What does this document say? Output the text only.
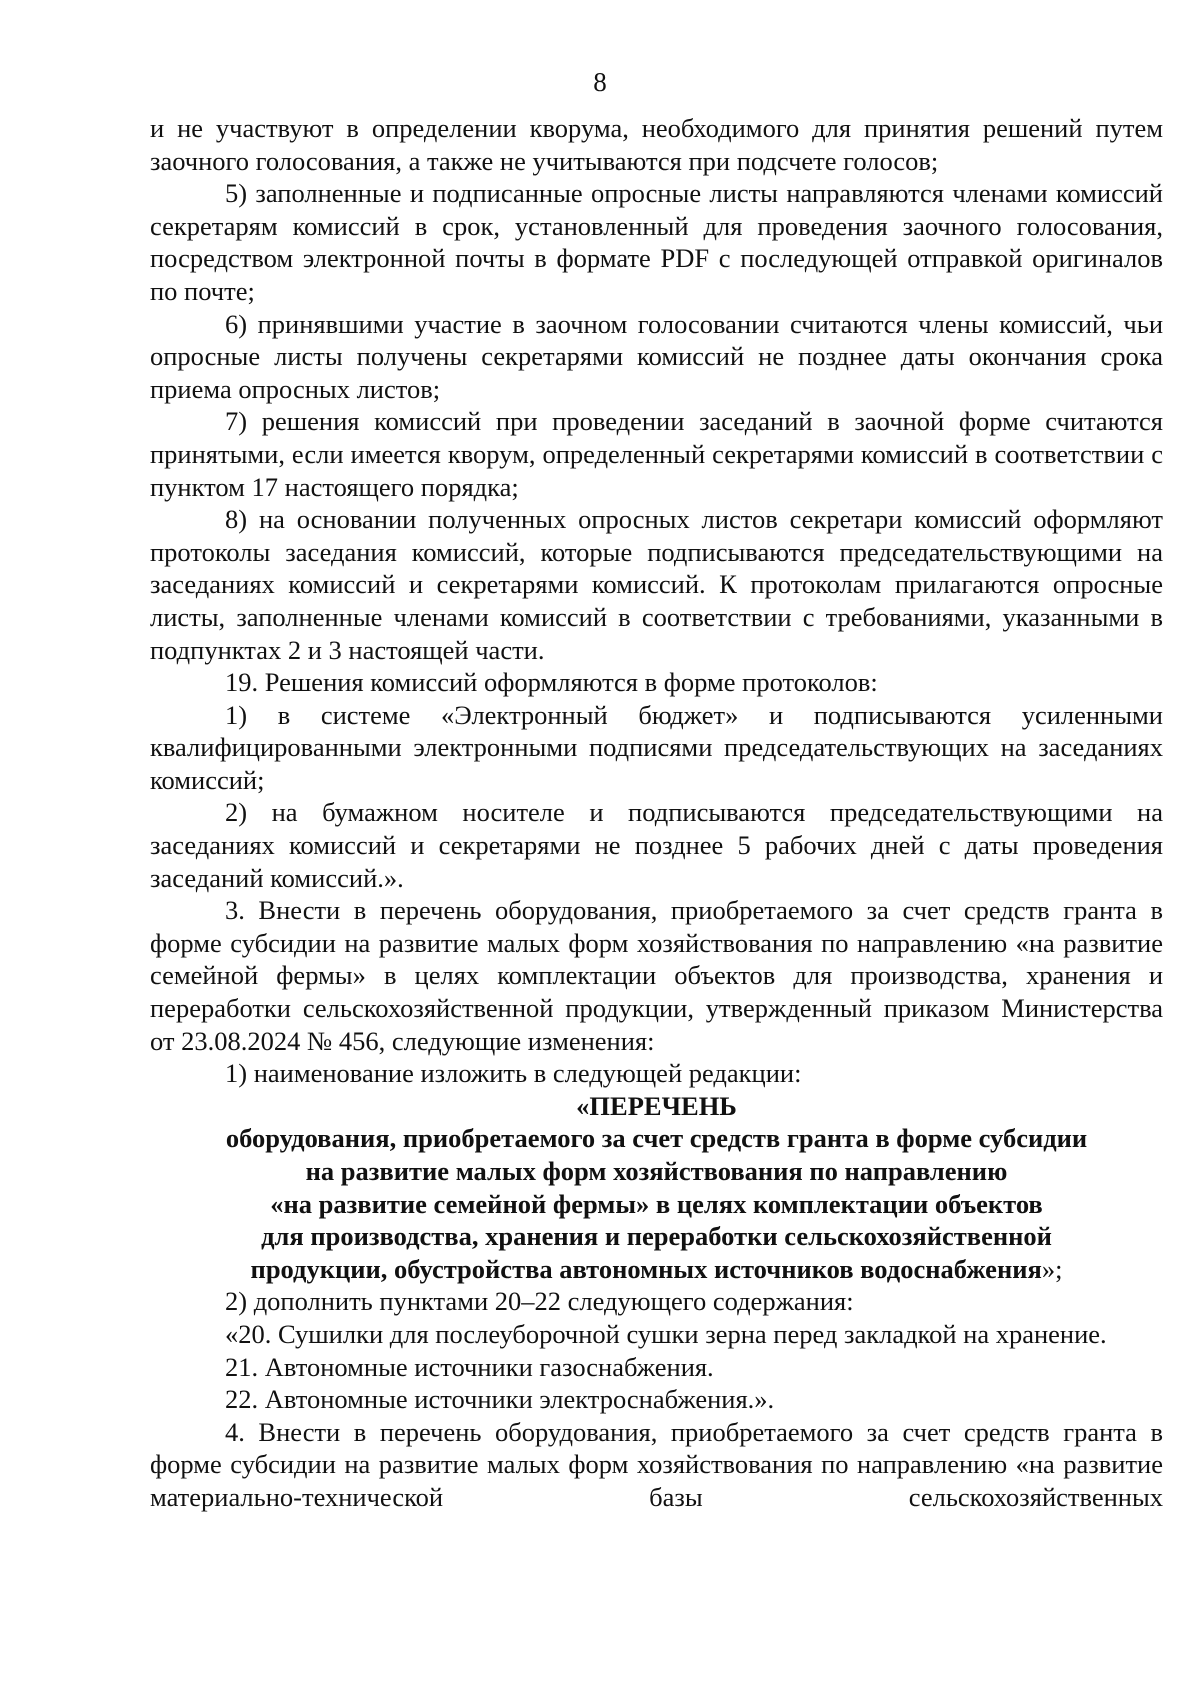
8

и не участвуют в определении кворума, необходимого для принятия решений путем заочного голосования, а также не учитываются при подсчете голосов;

5) заполненные и подписанные опросные листы направляются членами комиссий секретарям комиссий в срок, установленный для проведения заочного голосования, посредством электронной почты в формате PDF с последующей отправкой оригиналов по почте;

6) принявшими участие в заочном голосовании считаются члены комиссий, чьи опросные листы получены секретарями комиссий не позднее даты окончания срока приема опросных листов;

7) решения комиссий при проведении заседаний в заочной форме считаются принятыми, если имеется кворум, определенный секретарями комиссий в соответствии с пунктом 17 настоящего порядка;

8) на основании полученных опросных листов секретари комиссий оформляют протоколы заседания комиссий, которые подписываются председательствующими на заседаниях комиссий и секретарями комиссий. К протоколам прилагаются опросные листы, заполненные членами комиссий в соответствии с требованиями, указанными в подпунктах 2 и 3 настоящей части.

19. Решения комиссий оформляются в форме протоколов:

1) в системе «Электронный бюджет» и подписываются усиленными квалифицированными электронными подписями председательствующих на заседаниях комиссий;

2) на бумажном носителе и подписываются председательствующими на заседаниях комиссий и секретарями не позднее 5 рабочих дней с даты проведения заседаний комиссий.».

3. Внести в перечень оборудования, приобретаемого за счет средств гранта в форме субсидии на развитие малых форм хозяйствования по направлению «на развитие семейной фермы» в целях комплектации объектов для производства, хранения и переработки сельскохозяйственной продукции, утвержденный приказом Министерства от 23.08.2024 № 456, следующие изменения:

1) наименование изложить в следующей редакции:

«ПЕРЕЧЕНЬ
оборудования, приобретаемого за счет средств гранта в форме субсидии
на развитие малых форм хозяйствования по направлению
«на развитие семейной фермы» в целях комплектации объектов
для производства, хранения и переработки сельскохозяйственной
продукции, обустройства автономных источников водоснабжения»;

2) дополнить пунктами 20–22 следующего содержания:

«20. Сушилки для послеуборочной сушки зерна перед закладкой на хранение.

21. Автономные источники газоснабжения.

22. Автономные источники электроснабжения.».

4. Внести в перечень оборудования, приобретаемого за счет средств гранта в форме субсидии на развитие малых форм хозяйствования по направлению «на развитие материально-технической базы сельскохозяйственных
